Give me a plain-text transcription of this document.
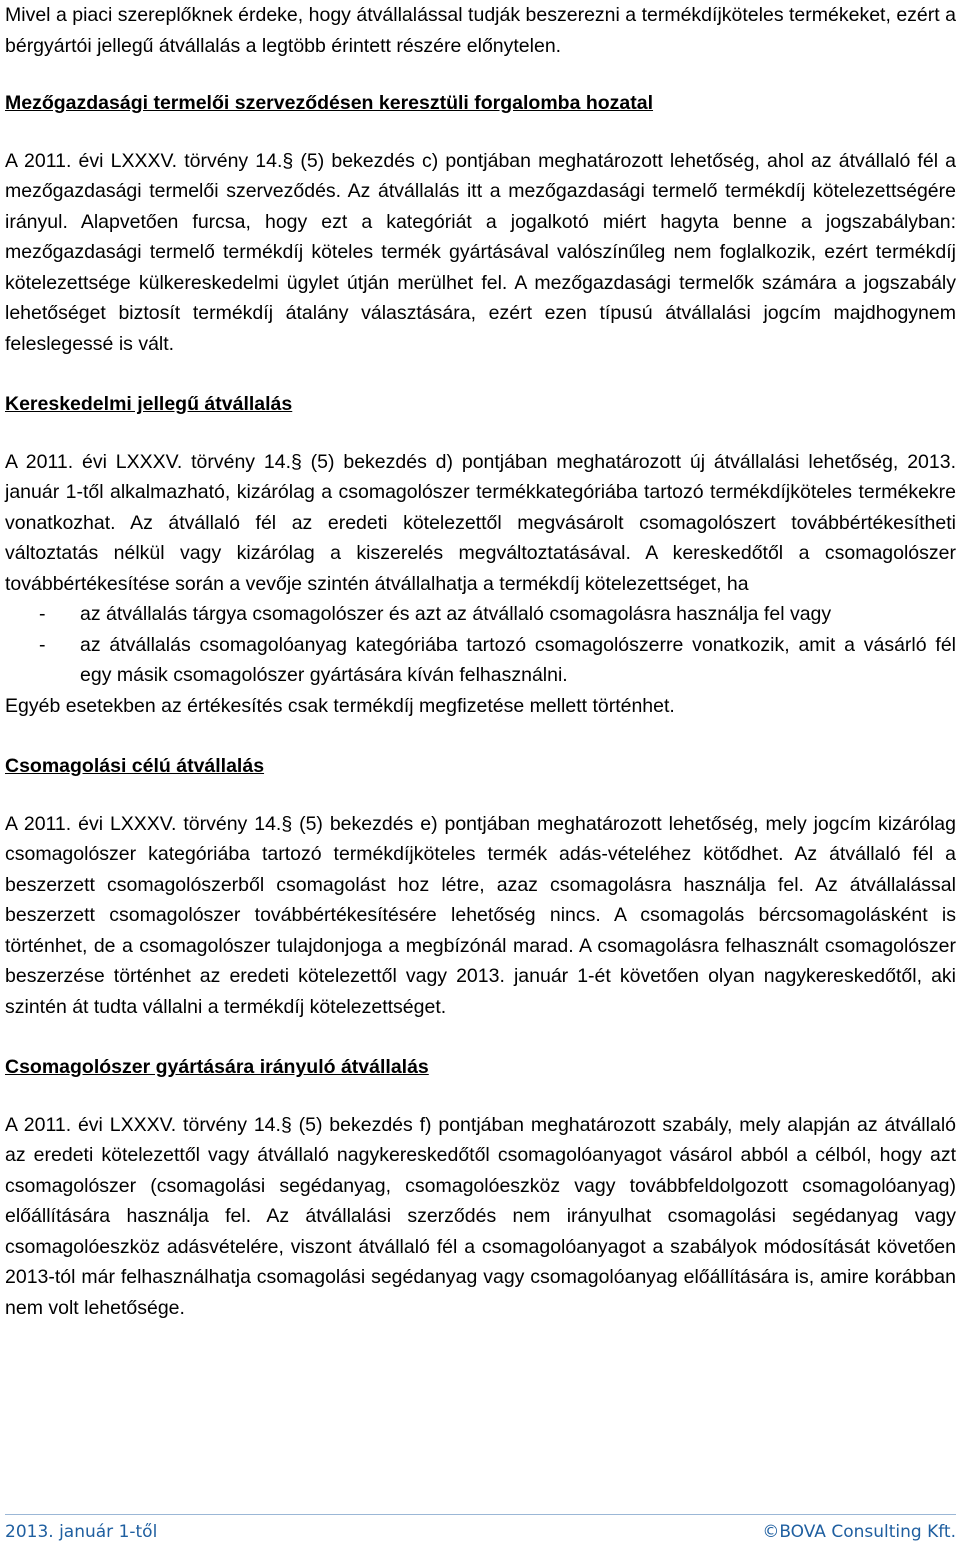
Mivel a piaci szereplőknek érdeke, hogy átvállalással tudják beszerezni a termékdíjköteles termékeket, ezért a bérgyártói jellegű átvállalás a legtöbb érintett részére előnytelen.

Mezőgazdasági termelői szerveződésen keresztüli forgalomba hozatal

A 2011. évi LXXXV. törvény 14.§ (5) bekezdés c) pontjában meghatározott lehetőség, ahol az átvállaló fél a mezőgazdasági termelői szerveződés. Az átvállalás itt a mezőgazdasági termelő termékdíj kötelezettségére irányul. Alapvetően furcsa, hogy ezt a kategóriát a jogalkotó miért hagyta benne a jogszabályban: mezőgazdasági termelő termékdíj köteles termék gyártásával valószínűleg nem foglalkozik, ezért termékdíj kötelezettsége külkereskedelmi ügylet útján merülhet fel. A mezőgazdasági termelők számára a jogszabály lehetőséget biztosít termékdíj átalány választására, ezért ezen típusú átvállalási jogcím majdhogynem feleslegessé is vált.

Kereskedelmi jellegű átvállalás

A 2011. évi LXXXV. törvény 14.§ (5) bekezdés d) pontjában meghatározott új átvállalási lehetőség, 2013. január 1-től alkalmazható, kizárólag a csomagolószer termékkategóriába tartozó termékdíjköteles termékekre vonatkozhat. Az átvállaló fél az eredeti kötelezettől megvásárolt csomagolószert továbbértékesítheti változtatás nélkül vagy kizárólag a kiszerelés megváltoztatásával. A kereskedőtől a csomagolószer továbbértékesítése során a vevője szintén átvállalhatja a termékdíj kötelezettséget, ha

- az átvállalás tárgya csomagolószer és azt az átvállaló csomagolásra használja fel vagy
- az átvállalás csomagolóanyag kategóriába tartozó csomagolószerre vonatkozik, amit a vásárló fél egy másik csomagolószer gyártására kíván felhasználni.

Egyéb esetekben az értékesítés csak termékdíj megfizetése mellett történhet.

Csomagolási célú átvállalás

A 2011. évi LXXXV. törvény 14.§ (5) bekezdés e) pontjában meghatározott lehetőség, mely jogcím kizárólag csomagolószer kategóriába tartozó termékdíjköteles termék adás-vételéhez kötődhet. Az átvállaló fél a beszerzett csomagolószerből csomagolást hoz létre, azaz csomagolásra használja fel. Az átvállalással beszerzett csomagolószer továbbértékesítésére lehetőség nincs. A csomagolás bércsomagolásként is történhet, de a csomagolószer tulajdonjoga a megbízónál marad. A csomagolásra felhasznált csomagolószer beszerzése történhet az eredeti kötelezettől vagy 2013. január 1-ét követően olyan nagykereskedőtől, aki szintén át tudta vállalni a termékdíj kötelezettséget.

Csomagolószer gyártására irányuló átvállalás

A 2011. évi LXXXV. törvény 14.§ (5) bekezdés f) pontjában meghatározott szabály, mely alapján az átvállaló az eredeti kötelezettől vagy átvállaló nagykereskedőtől csomagolóanyagot vásárol abból a célból, hogy azt csomagolószer (csomagolási segédanyag, csomagolóeszköz vagy továbbfeldolgozott csomagolóanyag) előállítására használja fel. Az átvállalási szerződés nem irányulhat csomagolási segédanyag vagy csomagolóeszköz adásvételére, viszont átvállaló fél a csomagolóanyagot a szabályok módosítását követően 2013-tól már felhasználhatja csomagolási segédanyag vagy csomagolóanyag előállítására is, amire korábban nem volt lehetősége.

2013. január 1-től	©BOVA Consulting Kft.
